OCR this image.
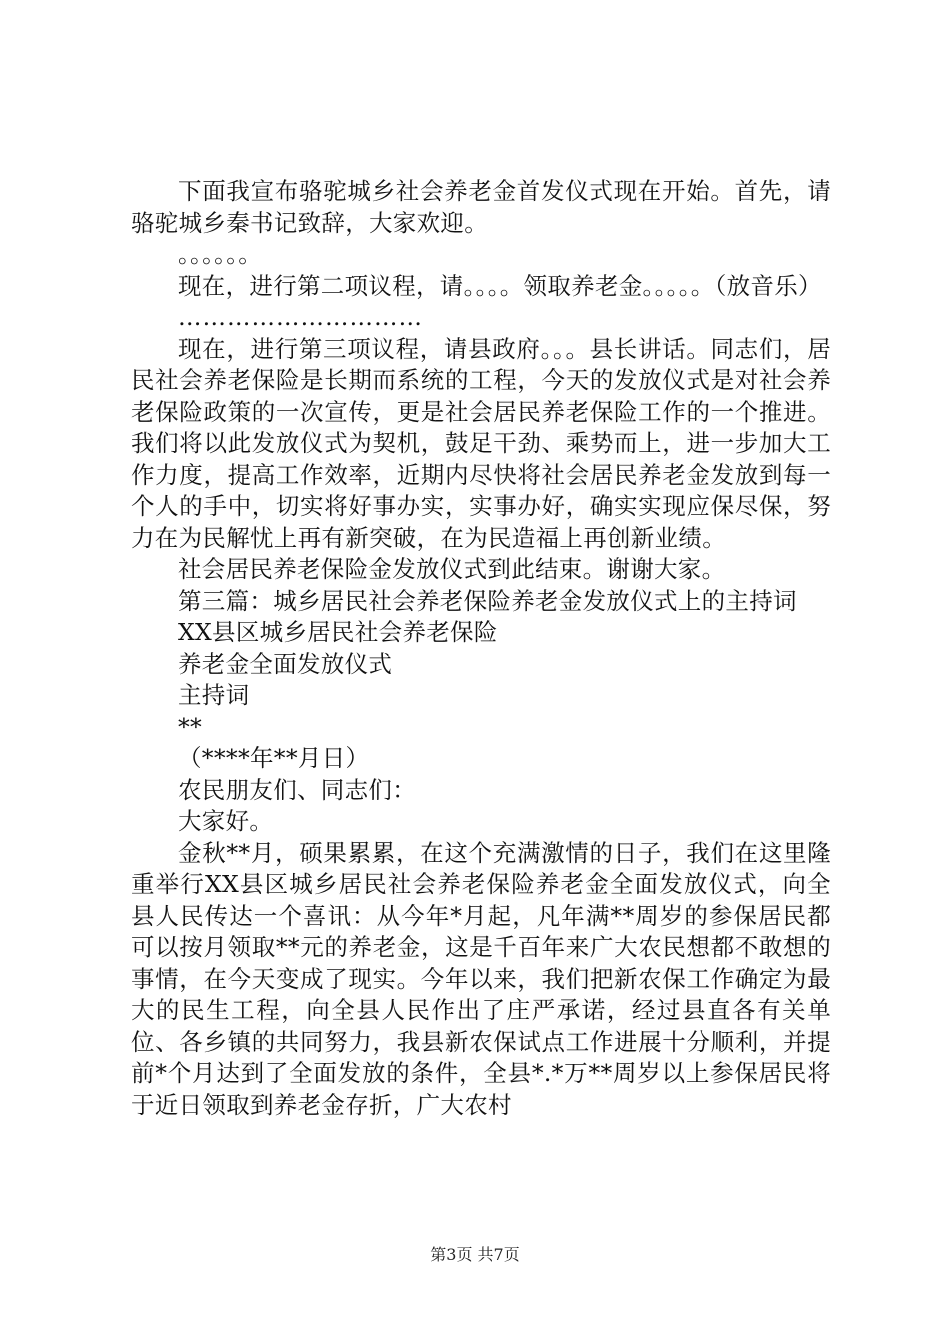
下面我宣布骆驼城乡社会养老金首发仪式现在开始。首先，请骆驼城乡秦书记致辞，大家欢迎。

。。。。。。

现在，进行第二项议程，请。。。。领取养老金。。。。。（放音乐）

…………………………

现在，进行第三项议程，请县政府。。。县长讲话。同志们，居民社会养老保险是长期而系统的工程，今天的发放仪式是对社会养老保险政策的一次宣传，更是社会居民养老保险工作的一个推进。我们将以此发放仪式为契机，鼓足干劲、乘势而上，进一步加大工作力度，提高工作效率，近期内尽快将社会居民养老金发放到每一个人的手中，切实将好事办实，实事办好，确实实现应保尽保，努力在为民解忧上再有新突破，在为民造福上再创新业绩。

社会居民养老保险金发放仪式到此结束。谢谢大家。

第三篇：城乡居民社会养老保险养老金发放仪式上的主持词

XX县区城乡居民社会养老保险

养老金全面发放仪式

主持词

**

（****年**月日）

农民朋友们、同志们：

大家好。

金秋**月，硕果累累，在这个充满激情的日子，我们在这里隆重举行XX县区城乡居民社会养老保险养老金全面发放仪式，向全县人民传达一个喜讯：从今年*月起，凡年满**周岁的参保居民都可以按月领取**元的养老金，这是千百年来广大农民想都不敢想的事情，在今天变成了现实。今年以来，我们把新农保工作确定为最大的民生工程，向全县人民作出了庄严承诺，经过县直各有关单位、各乡镇的共同努力，我县新农保试点工作进展十分顺利，并提前*个月达到了全面发放的条件，全县*.*万**周岁以上参保居民将于近日领取到养老金存折，广大农村

第3页 共7页
